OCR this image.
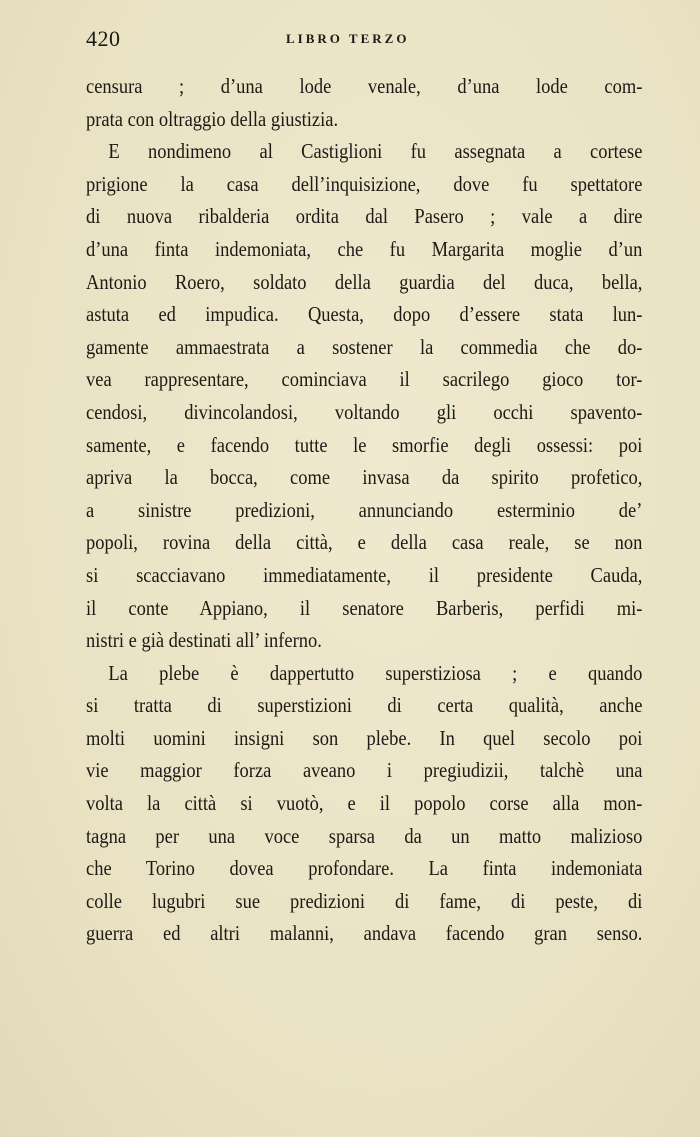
420	LIBRO TERZO
censura ; d’una lode venale, d’una lode com-
prata con oltraggio della giustizia.
E nondimeno al Castiglioni fu assegnata a cortese
prigione la casa dell’inquisizione, dove fu spettatore
di nuova ribalderia ordita dal Pasero ; vale a dire
d’una finta indemoniata, che fu Margarita moglie d’un
Antonio Roero, soldato della guardia del duca, bella,
astuta ed impudica. Questa, dopo d’essere stata lun-
gamente ammaestrata a sostener la commedia che do-
vea rappresentare, cominciava il sacrilego gioco tor-
cendosi, divincolandosi, voltando gli occhi spavento-
samente, e facendo tutte le smorfie degli ossessi: poi
apriva la bocca, come invasa da spirito profetico,
a sinistre predizioni, annunciando esterminio de’
popoli, rovina della città, e della casa reale, se non
si scacciavano immediatamente, il presidente Cauda,
il conte Appiano, il senatore Barberis, perfidi mi-
nistri e già destinati all’ inferno.
La plebe è dappertutto superstiziosa ; e quando
si tratta di superstizioni di certa qualità, anche
molti uomini insigni son plebe. In quel secolo poi
vie maggior forza aveano i pregiudizii, talchè una
volta la città si vuotò, e il popolo corse alla mon-
tagna per una voce sparsa da un matto malizioso
che Torino dovea profondare. La finta indemoniata
colle lugubri sue predizioni di fame, di peste, di
guerra ed altri malanni, andava facendo gran senso.
